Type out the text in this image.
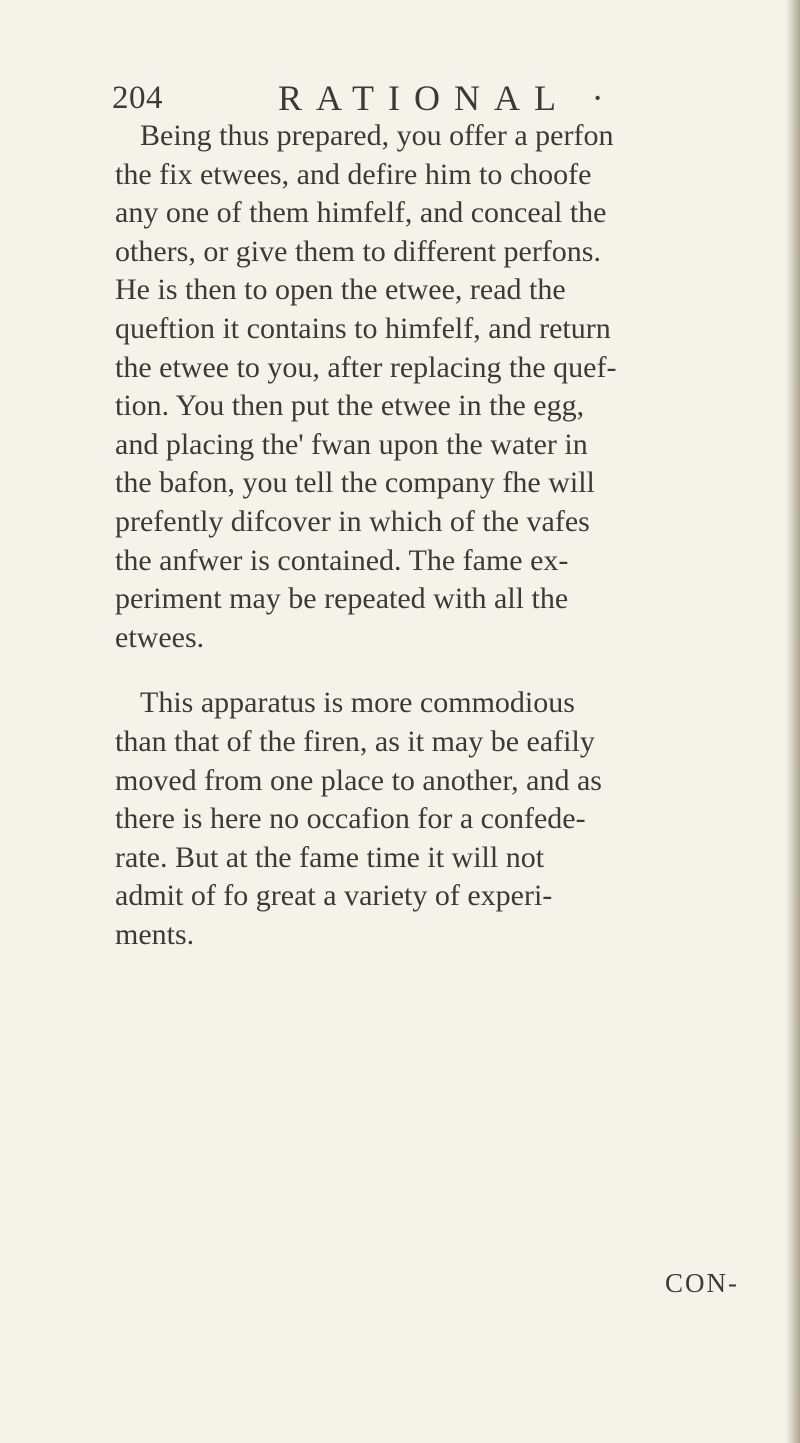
204	RATIONAL ·
Being thus prepared, you offer a perfon
the fix etwees, and defire him to choofe
any one of them himfelf, and conceal the
others, or give them to different perfons.
He is then to open the etwee, read the
queftion it contains to himfelf, and return
the etwee to you, after replacing the quef-
tion. You then put the etwee in the egg,
and placing the' fwan upon the water in
the bafon, you tell the company fhe will
prefently difcover in which of the vafes
the anfwer is contained. The fame ex-
periment may be repeated with all the
etwees.
This apparatus is more commodious
than that of the firen, as it may be eafily
moved from one place to another, and as
there is here no occafion for a confede-
rate. But at the fame time it will not
admit of fo great a variety of experi-
ments.
CON-
